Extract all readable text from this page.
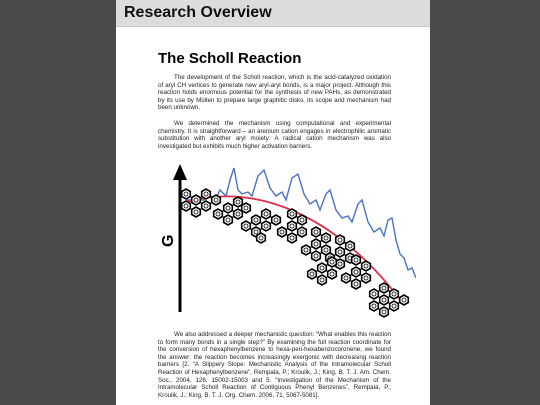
Research Overview
The Scholl Reaction
The development of the Scholl reaction, which is the acid-catalyzed oxidation of aryl CH vertices to generate new aryl-aryl bonds, is a major project. Although this reaction holds enormous potential for the synthesis of new PAHs, as demonstrated by its use by Müllen to prepare large graphitic disks, its scope and mechanism had been unknown.
We determined the mechanism using computational and experimental chemistry. It is straightforward – an arenium cation engages in electrophilic aromatic substitution with another aryl moiety. A radical cation mechanism was also investigated but exhibits much higher activation barriers.
G
We also addressed a deeper mechanistic question: “What enables this reaction to form many bonds in a single step?” By examining the full reaction coordinate for the conversion of hexaphenylbenzene to hexa-peri-hexabenzocoronene, we found the answer: the reaction becomes increasingly exergonic with decreasing reaction barriers [2. “A Slippery Slope: Mechanistic Analysis of the Intramolecular Scholl Reaction of Hexaphenylbenzene”, Rempala, P.; Kroulik, J.; King, B. T. J. Am. Chem. Soc., 2004, 126, 15002-15003 and 5. “Investigation of the Mechanism of the Intramolecular Scholl Reaction of Contiguous Phenyl Benzenes”, Rempala, P.; Kroulik, J.; King, B. T. J. Org. Chem. 2006, 71, 5067-5081].
